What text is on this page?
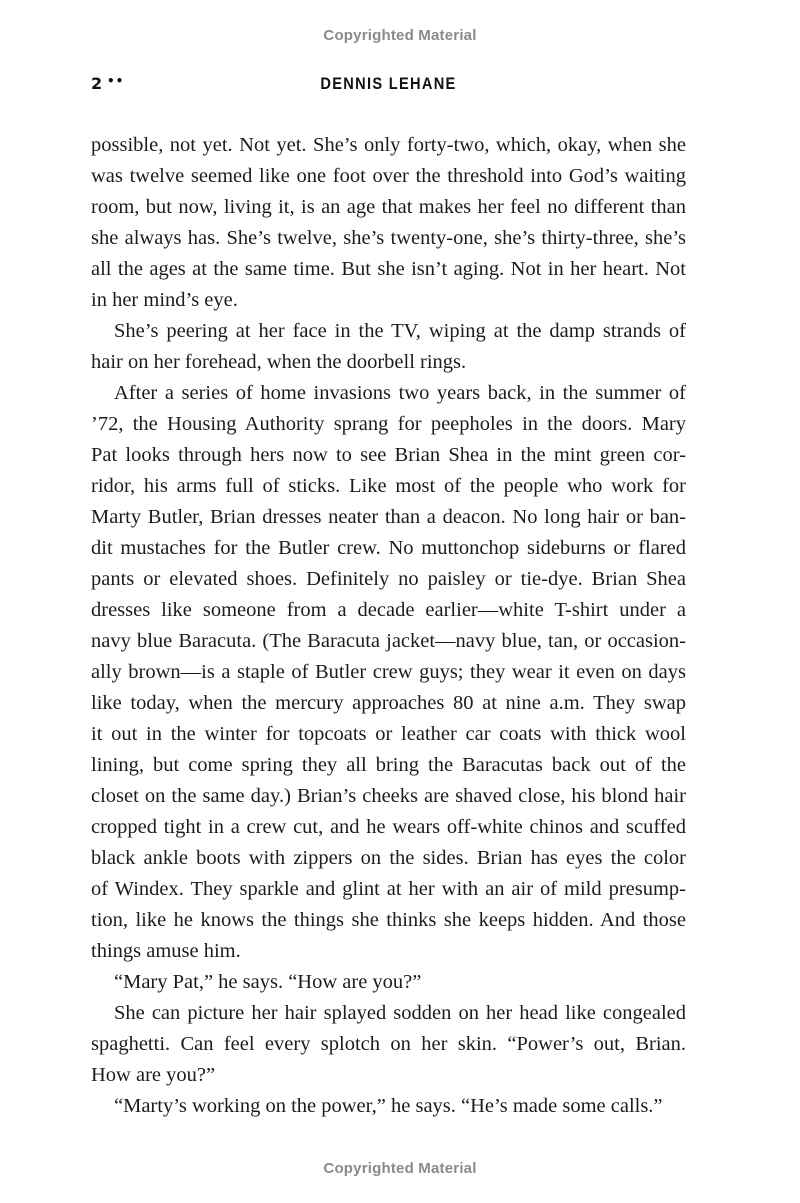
Copyrighted Material
2 ••	DENNIS LEHANE
possible, not yet. Not yet. She’s only forty-two, which, okay, when she
was twelve seemed like one foot over the threshold into God’s waiting
room, but now, living it, is an age that makes her feel no different than
she always has. She’s twelve, she’s twenty-one, she’s thirty-three, she’s
all the ages at the same time. But she isn’t aging. Not in her heart. Not
in her mind’s eye.
She’s peering at her face in the TV, wiping at the damp strands of
hair on her forehead, when the doorbell rings.
After a series of home invasions two years back, in the summer of
’72, the Housing Authority sprang for peepholes in the doors. Mary
Pat looks through hers now to see Brian Shea in the mint green cor-
ridor, his arms full of sticks. Like most of the people who work for
Marty Butler, Brian dresses neater than a deacon. No long hair or ban-
dit mustaches for the Butler crew. No muttonchop sideburns or flared
pants or elevated shoes. Definitely no paisley or tie-dye. Brian Shea
dresses like someone from a decade earlier—white T-shirt under a
navy blue Baracuta. (The Baracuta jacket—navy blue, tan, or occasion-
ally brown—is a staple of Butler crew guys; they wear it even on days
like today, when the mercury approaches 80 at nine a.m. They swap
it out in the winter for topcoats or leather car coats with thick wool
lining, but come spring they all bring the Baracutas back out of the
closet on the same day.) Brian’s cheeks are shaved close, his blond hair
cropped tight in a crew cut, and he wears off-white chinos and scuffed
black ankle boots with zippers on the sides. Brian has eyes the color
of Windex. They sparkle and glint at her with an air of mild presump-
tion, like he knows the things she thinks she keeps hidden. And those
things amuse him.
“Mary Pat,” he says. “How are you?”
She can picture her hair splayed sodden on her head like congealed
spaghetti. Can feel every splotch on her skin. “Power’s out, Brian.
How are you?”
“Marty’s working on the power,” he says. “He’s made some calls.”
Copyrighted Material
